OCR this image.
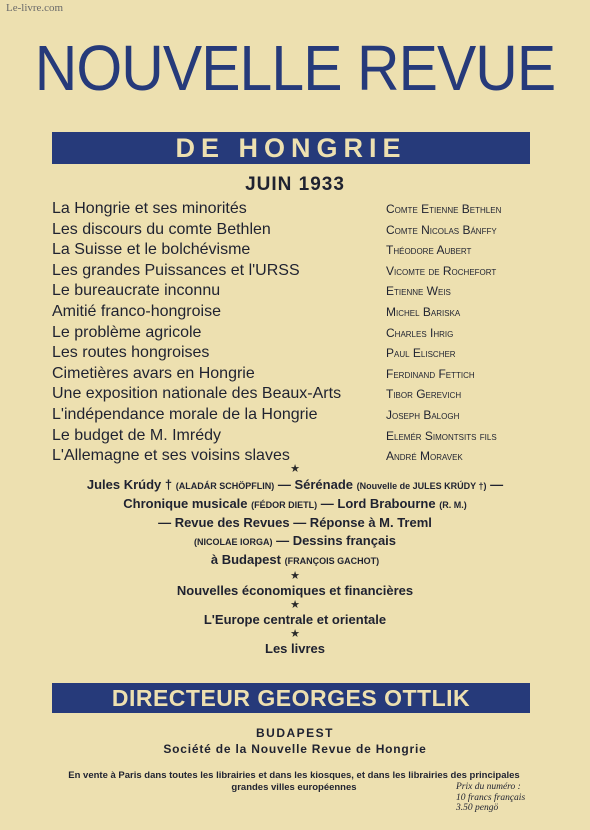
Le-livre.com
NOUVELLE REVUE
DE HONGRIE
JUIN 1933
La Hongrie et ses minorités	Comte Etienne Bethlen
Les discours du comte Bethlen	Comte Nicolas Bánffy
La Suisse et le bolchévisme	Théodore Aubert
Les grandes Puissances et l'URSS	Vicomte de Rochefort
Le bureaucrate inconnu	Etienne Weis
Amitié franco-hongroise	Michel Bariska
Le problème agricole	Charles Ihrig
Les routes hongroises	Paul Elischer
Cimetières avars en Hongrie	Ferdinand Fettich
Une exposition nationale des Beaux-Arts	Tibor Gerevich
L'indépendance morale de la Hongrie	Joseph Balogh
Le budget de M. Imrédy	Elemér Simontsits fils
L'Allemagne et ses voisins slaves	André Moravek
★
Jules Krúdy † (ALADÁR SCHÖPFLIN) — Sérénade (Nouvelle de JULES KRÚDY †) —
Chronique musicale (FÉDOR DIETL) — Lord Brabourne (R. M.)
— Revue des Revues — Réponse à M. Treml
(NICOLAE IORGA) — Dessins français
à Budapest (FRANÇOIS GACHOT)
★
Nouvelles économiques et financières
★
L'Europe centrale et orientale
★
Les livres
DIRECTEUR GEORGES OTTLIK
BUDAPEST
Société de la Nouvelle Revue de Hongrie
En vente à Paris dans toutes les librairies et dans les kiosques, et dans les librairies des principales
grandes villes européennes	Prix du numéro :
10 francs français
3.50 pengö
